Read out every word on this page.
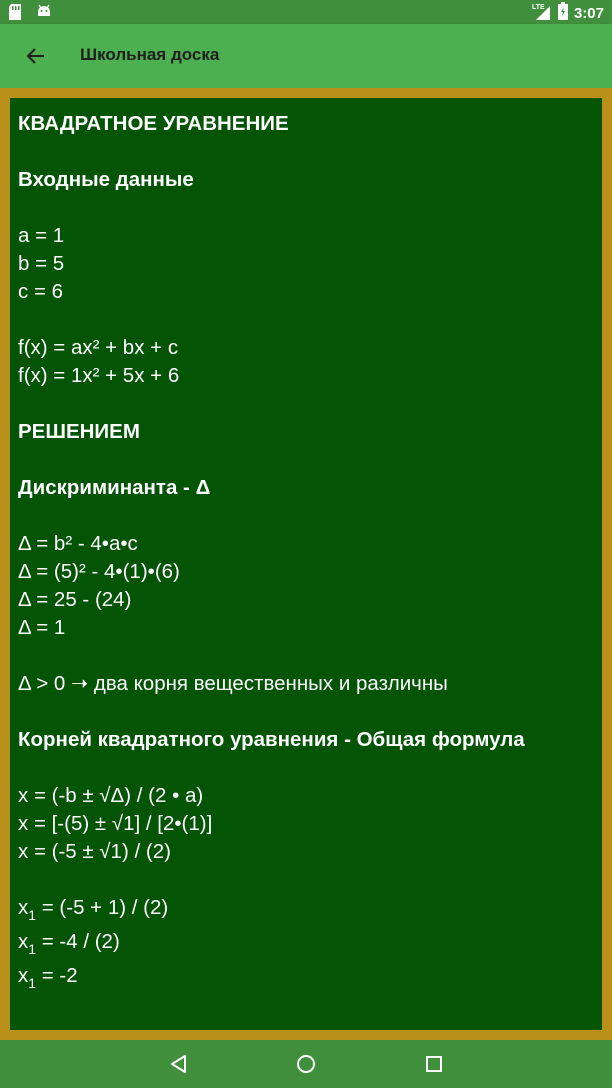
LTE 3:07
Школьная доска
КВАДРАТНОЕ УРАВНЕНИЕ
Входные данные
a = 1
b = 5
c = 6
f(x) = ax² + bx + c
f(x) = 1x² + 5x + 6
РЕШЕНИЕМ
Дискриминанта - Δ
Δ = b² - 4•a•c
Δ = (5)² - 4•(1)•(6)
Δ = 25 - (24)
Δ = 1
Δ > 0 ➝ два корня вещественных и различны
Корней квадратного уравнения - Общая формула
x = (-b ± √Δ) / (2 • a)
x = [-(5) ± √1] / [2•(1)]
x = (-5 ± √1) / (2)
$x_1 = (-5 + 1) / (2)$
$x_1 = -4 / (2)$
$x_1 = -2$
